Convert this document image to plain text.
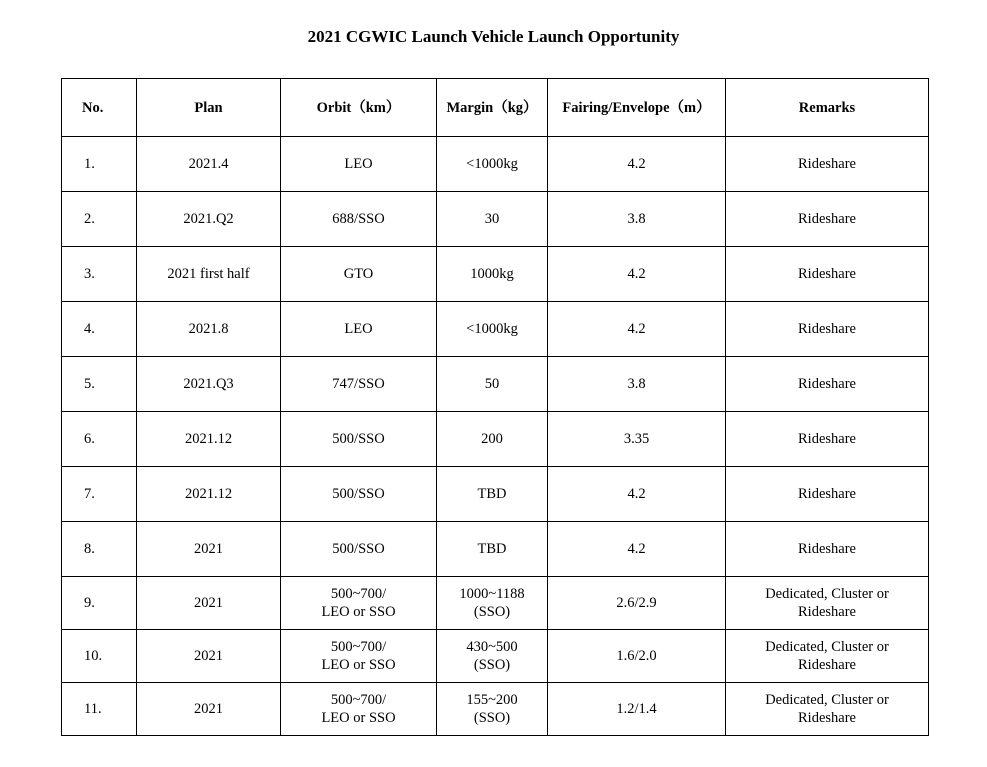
2021 CGWIC Launch Vehicle Launch Opportunity
No.	Plan	Orbit（km）	Margin（kg）	Fairing/Envelope（m）	Remarks
1.	2021.4	LEO	<1000kg	4.2	Rideshare

2.	2021.Q2	688/SSO	30	3.8	Rideshare

3.	2021 first half	GTO	1000kg	4.2	Rideshare

4.	2021.8	LEO	<1000kg	4.2	Rideshare

5.	2021.Q3	747/SSO	50	3.8	Rideshare

6.	2021.12	500/SSO	200	3.35	Rideshare

7.	2021.12	500/SSO	TBD	4.2	Rideshare

8.	2021	500/SSO	TBD	4.2	Rideshare

9.	2021	500~700/
LEO or SSO	1000~1188
(SSO)	2.6/2.9	Dedicated, Cluster or
Rideshare

10.	2021	500~700/
LEO or SSO	430~500
(SSO)	1.6/2.0	Dedicated, Cluster or
Rideshare

11.	2021	500~700/
LEO or SSO	155~200
(SSO)	1.2/1.4	Dedicated, Cluster or
Rideshare
